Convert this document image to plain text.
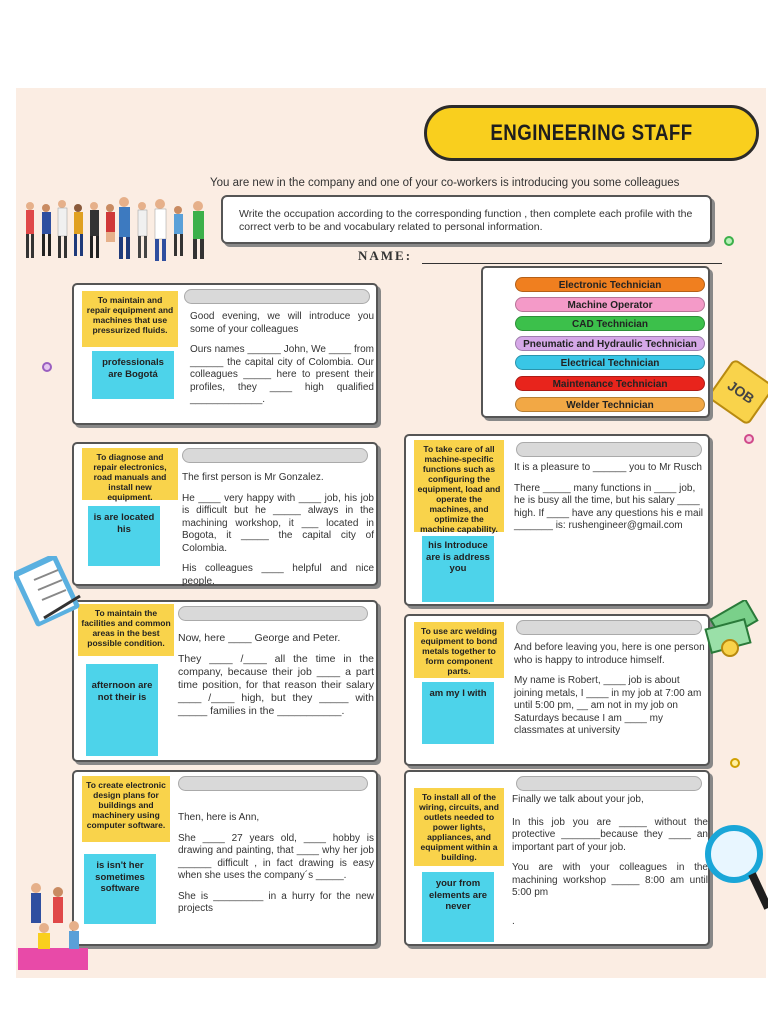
ENGINEERING STAFF
You are new in the company and one of your co-workers is introducing you some colleagues
Write the occupation according to the corresponding function , then complete each profile with the correct verb to be and vocabulary related to personal information.
NAME:
JOB
Electronic Technician
Machine Operator
CAD Technician
Pneumatic and Hydraulic Technician
Electrical Technician
Maintenance Technician
Welder Technician
To maintain and repair equipment and machines that use pressurized fluids.
professionals are Bogotá

Good evening, we will introduce you some of your colleagues

Ours names ______ John, We ____ from ______ the capital city of Colombia. Our colleagues _____ here to present their profiles, they ____ high qualified _____________.

To diagnose and repair electronics, road manuals and install new equipment.
is are located his

The first person is Mr Gonzalez.

He ____ very happy with ____ job, his job is difficult but he _____ always in the machining workshop, it ___ located in Bogota, it _____ the capital city of Colombia.

His colleagues ____ helpful and nice people.

To take care of all machine-specific functions such as configuring the equipment, load and operate the machines, and optimize the machine capability.
his Introduce are is address you

It is a pleasure to ______ you to Mr Rusch

There _____ many functions in ____ job, he is busy all the time, but his salary ____ high. If ____ have any questions his e mail _______ is: rushengineer@gmail.com

To maintain the facilities and common areas in the best possible condition.
afternoon are not their is

Now, here ____ George and Peter.

They ____ /____ all the time in the company, because their job ____ a part time position, for that reason their salary ____ /____ high, but they _____ with _____ families in the ___________.

To use arc welding equipment to bond metals together to form component parts.
am my I with

And before leaving you, here is one person who is happy to introduce himself.

My name is Robert, ____ job is about joining metals, I ____ in my job at 7:00 am until 5:00 pm, __ am not in my job on Saturdays because I am ____ my classmates at university

To create electronic design plans for buildings and machinery using computer software.
is isn't her sometimes software

Then, here is Ann,

She ____ 27 years old, ____ hobby is drawing and painting, that ____ why her job ______ difficult , in fact drawing is easy when she uses the company´s _____.

She is _________ in a hurry for the new projects

To install all of the wiring, circuits, and outlets needed to power lights, appliances, and equipment within a building.
your from elements are never

Finally we talk about your job,

In this job you are _____ without the protective _______because they ____ an important part of your job.

You are with your colleagues in the machining workshop _____ 8:00 am until 5:00 pm

.
